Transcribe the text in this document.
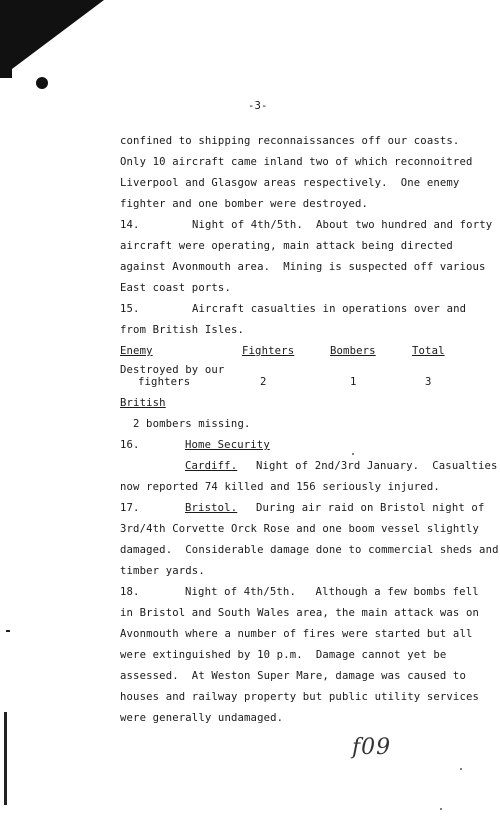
-3-
confined to shipping reconnaissances off our coasts.
Only 10 aircraft came inland two of which reconnoitred
Liverpool and Glasgow areas respectively.  One enemy
fighter and one bomber were destroyed.
14.	Night of 4th/5th.  About two hundred and forty
aircraft were operating, main attack being directed
against Avonmouth area.  Mining is suspected off various
East coast ports.
15.	Aircraft casualties in operations over and
from British Isles.
Enemy	Fighters	Bombers	Total
Destroyed by our
fighters	2	1	3
British
2 bombers missing.
16.	Home Security
Cardiff. Night of 2nd/3rd January.  Casualties
now reported 74 killed and 156 seriously injured.
17.	Bristol. During air raid on Bristol night of
3rd/4th Corvette Orck Rose and one boom vessel slightly
damaged.  Considerable damage done to commercial sheds and
timber yards.
18.	Night of 4th/5th.   Although a few bombs fell
in Bristol and South Wales area, the main attack was on
Avonmouth where a number of fires were started but all
were extinguished by 10 p.m.  Damage cannot yet be
assessed.  At Weston Super Mare, damage was caused to
houses and railway property but public utility services
were generally undamaged.
f09
